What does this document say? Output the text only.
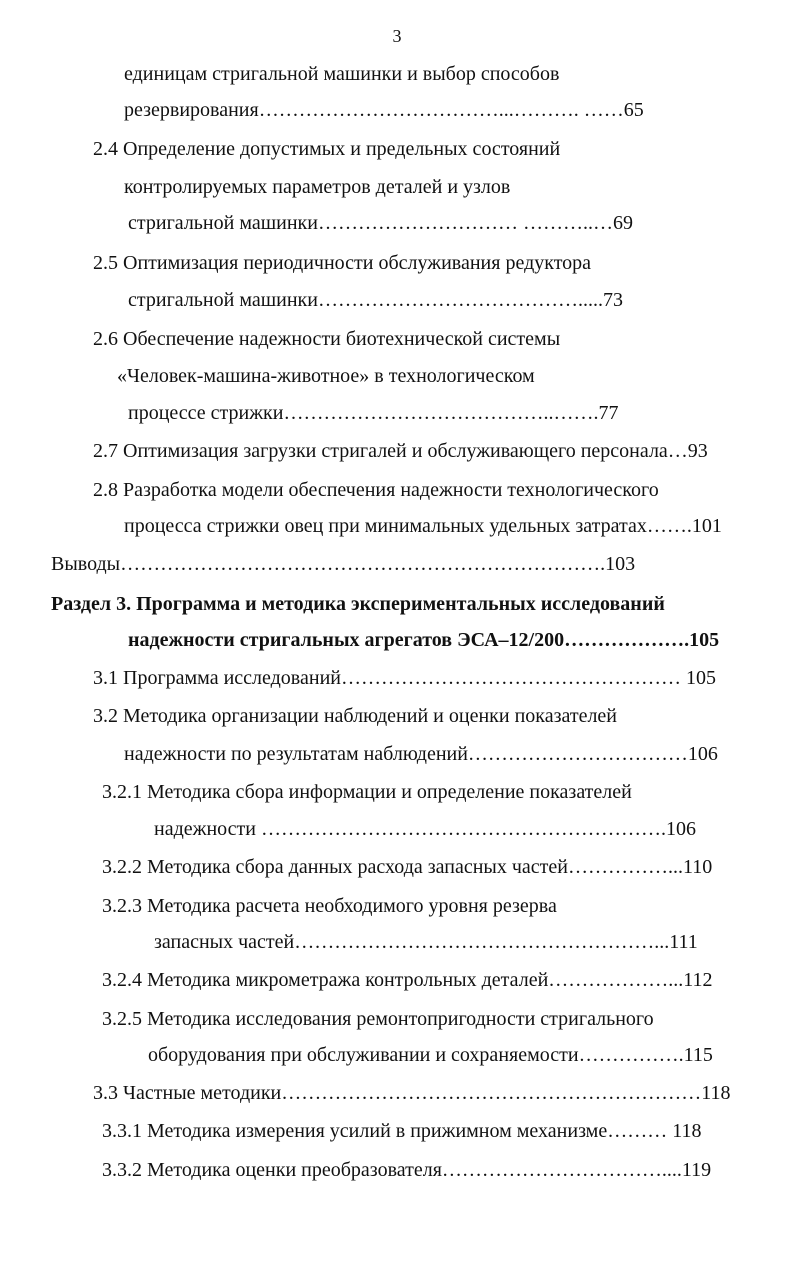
3
единицам стригальной машинки и выбор способов
резервирования………………………………...………. ……65
2.4 Определение допустимых и предельных состояний
контролируемых параметров деталей и узлов
стригальной машинки………………………… ………..…69
2.5 Оптимизация периодичности обслуживания редуктора
стригальной машинки………………………………….....73
2.6 Обеспечение надежности биотехнической системы
«Человек-машина-животное» в технологическом
процессе стрижки…………………………………..…….77
2.7 Оптимизация загрузки стригалей и обслуживающего персонала…93
2.8 Разработка модели обеспечения надежности технологического
процесса стрижки овец при минимальных удельных затратах…….101
Выводы……………………………………………………………….103
Раздел 3. Программа и методика экспериментальных исследований
надежности стригальных агрегатов ЭСА–12/200……………….105
3.1 Программа исследований…………………………………………… 105
3.2 Методика организации наблюдений и оценки показателей
надежности по результатам наблюдений……………………………106
3.2.1 Методика сбора информации и определение показателей
надежности …………………………………………………….106
3.2.2 Методика сбора данных расхода запасных частей……………...110
3.2.3 Методика расчета необходимого уровня резерва
запасных частей………………………………………………...111
3.2.4 Методика микрометража контрольных деталей………………...112
3.2.5 Методика исследования ремонтопригодности стригального
оборудования при обслуживании и сохраняемости…………….115
3.3 Частные методики………………………………………………………118
3.3.1 Методика измерения усилий в прижимном механизме……… 118
3.3.2 Методика оценки преобразователя……………………………....119
